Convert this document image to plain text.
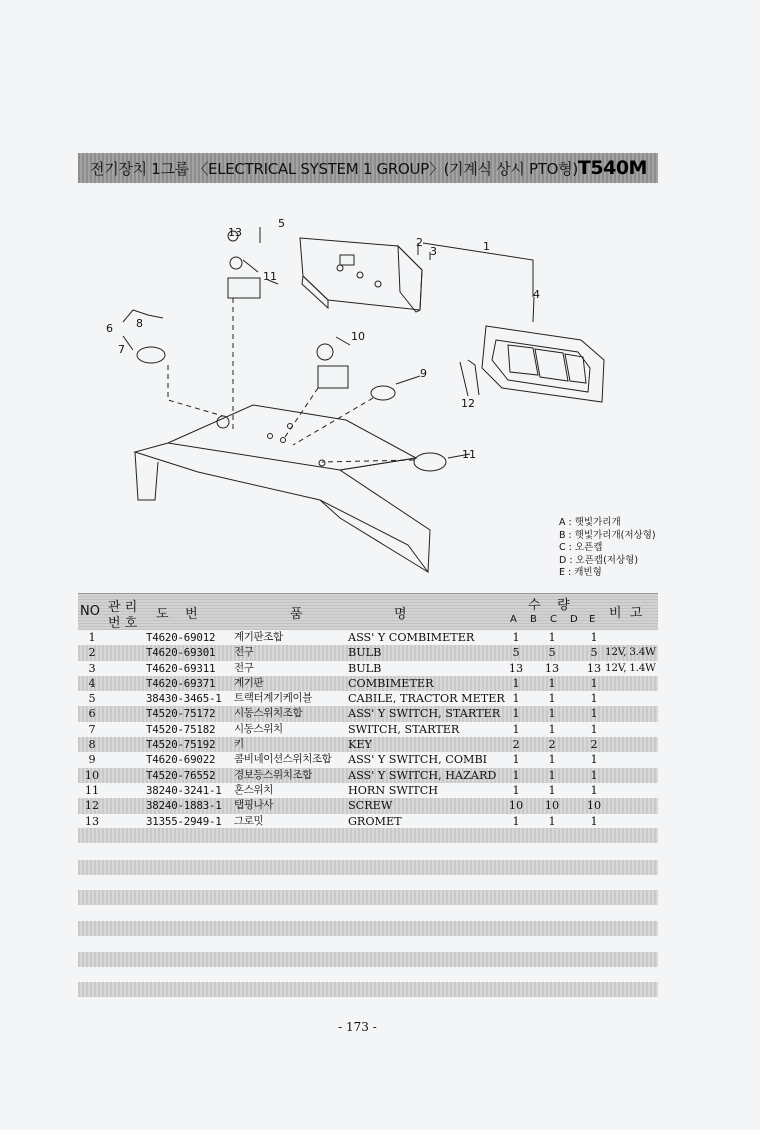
전기장치 1그룹 〈ELECTRICAL SYSTEM 1 GROUP〉(기계식 상시 PTO형) T540M
5
13
2
3	1
4
11
6 8
7
10
9
12
11
A : 햇빛가리개
B : 햇빛가리개(저상형)
C : 오픈캡
D : 오픈캡(저상형)
E : 캐빈형
NO 관 리
번 호
도    번	품	명
수    량
A B C D E 비  고
1	T4620-69012 계기판조합	ASS' Y COMBIMETER	1	1	1
2	T4620-69301 전구	BULB	5	5	5 12V, 3.4W
3	T4620-69311 전구	BULB	13 13 13 12V, 1.4W
4	T4620-69371 계기판	COMBIMETER	1	1	1
5	38430-3465-1 트랙터계기케이블	CABILE, TRACTOR METER 1	1	1
6	T4520-75172 시동스위치조합	ASS' Y SWITCH, STARTER	1	1	1
7	T4520-75182 시동스위치	SWITCH, STARTER	1	1	1
8	T4520-75192 키	KEY	2	2	2
9	T4620-69022 콤비네이션스위치조합 ASS' Y SWITCH, COMBI	1	1	1
10	T4520-76552 경보등스위치조합	ASS' Y SWITCH, HAZARD	1	1	1
11	38240-3241-1 혼스위치	HORN SWITCH	1	1	1
12	38240-1883-1 탭핑나사	SCREW	10 10 10
13	31355-2949-1 그로밋	GROMET	1	1	1
- 173 -
